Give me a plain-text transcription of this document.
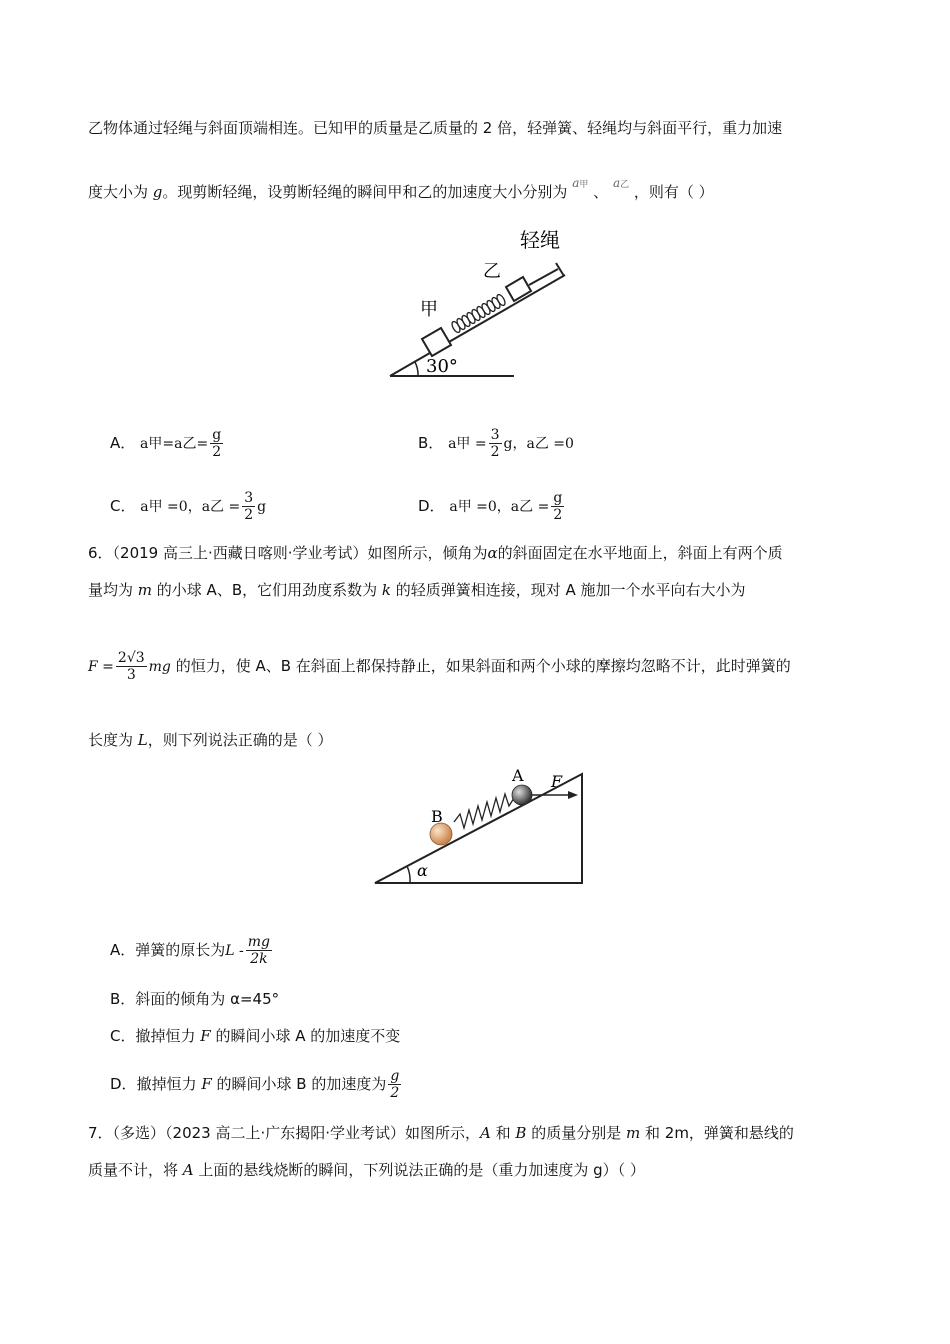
乙物体通过轻绳与斜面顶端相连。已知甲的质量是乙质量的 2 倍，轻弹簧、轻绳均与斜面平行，重力加速
度大小为 g。现剪断轻绳，设剪断轻绳的瞬间甲和乙的加速度大小分别为 a甲 、 a乙 ，则有（ ）
轻绳
乙
甲
30°
A． a甲=a乙= $\frac{g}{2}$	B． a甲 = $\frac{3}{2}$ g，a乙 =0
C． a甲 =0，a乙 = $\frac{3}{2}$ g	D． a甲 =0，a乙 = $\frac{g}{2}$
6．（2019 高三上·西藏日喀则·学业考试）如图所示，倾角为α的斜面固定在水平地面上，斜面上有两个质
量均为 m 的小球 A、B，它们用劲度系数为 k 的轻质弹簧相连接，现对 A 施加一个水平向右大小为
$F = \frac{2√3}{3}$ mg 的恒力，使 A、B 在斜面上都保持静止，如果斜面和两个小球的摩擦均忽略不计，此时弹簧的
长度为 L，则下列说法正确的是（ ）
A F
B
α
A．弹簧的原长为L - $\frac{mg}{2k}$
B．斜面的倾角为 α=45°
C．撤掉恒力 F 的瞬间小球 A 的加速度不变
D．撤掉恒力 F 的瞬间小球 B 的加速度为 $\frac{g}{2}$
7．（多选）（2023 高二上·广东揭阳·学业考试）如图所示，A 和 B 的质量分别是 m 和 2m，弹簧和悬线的
质量不计，将 A 上面的悬线烧断的瞬间，下列说法正确的是（重力加速度为 g）（ ）
